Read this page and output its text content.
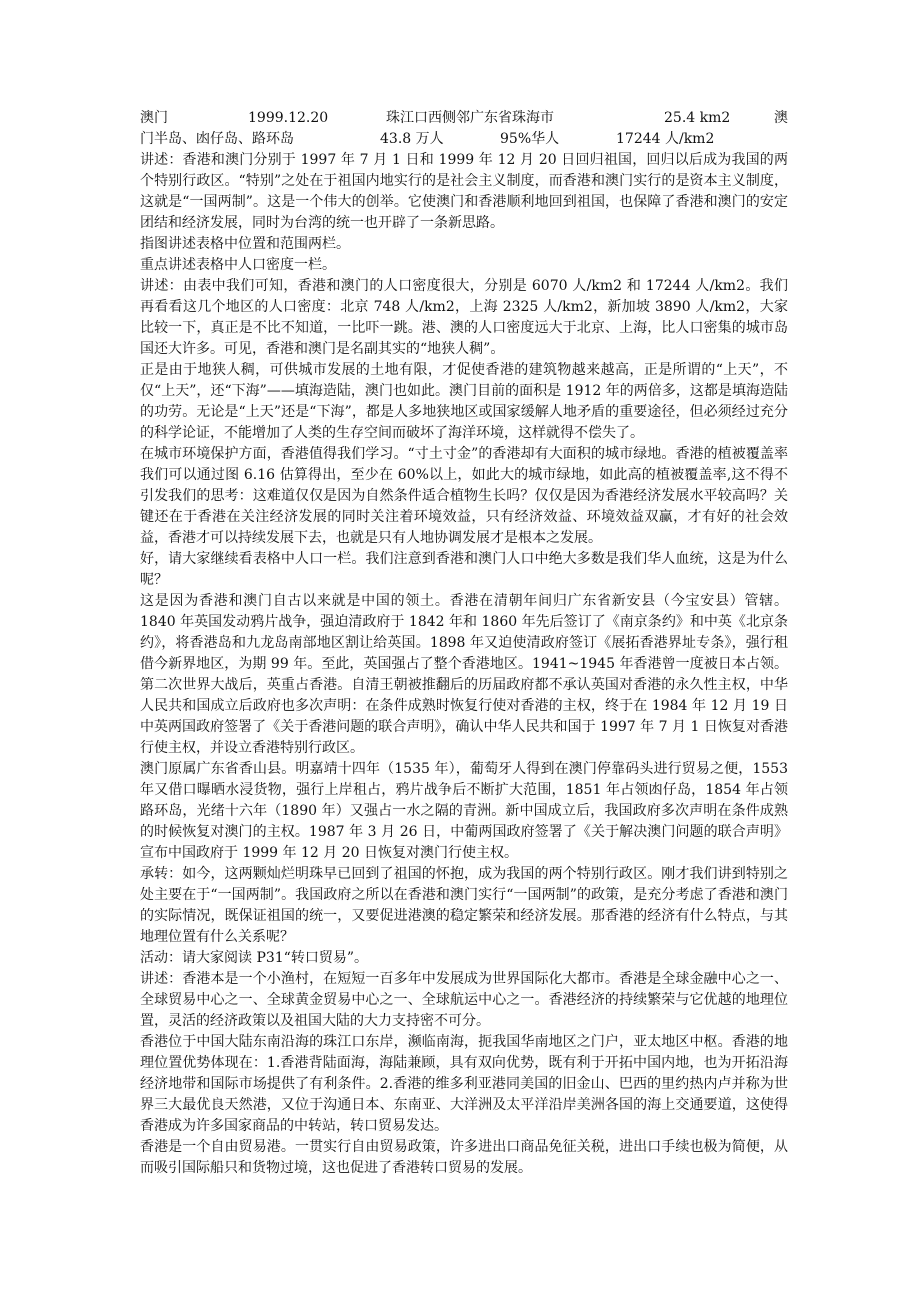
澳门	1999.12.20	珠江口西侧邻广东省珠海市	25.4 km2	澳
门半岛、凼仔岛、路环岛	43.8 万人	95%华人	17244 人/km2

讲述：香港和澳门分别于 1997 年 7 月 1 日和 1999 年 12 月 20 日回归祖国，回归以后成为我国的两个特别行政区。“特别”之处在于祖国内地实行的是社会主义制度，而香港和澳门实行的是资本主义制度，这就是“一国两制”。这是一个伟大的创举。它使澳门和香港顺利地回到祖国，也保障了香港和澳门的安定团结和经济发展，同时为台湾的统一也开辟了一条新思路。

指图讲述表格中位置和范围两栏。

重点讲述表格中人口密度一栏。

讲述：由表中我们可知，香港和澳门的人口密度很大，分别是 6070 人/km2 和 17244 人/km2。我们再看看这几个地区的人口密度：北京 748 人/km2，上海 2325 人/km2，新加坡 3890 人/km2，大家比较一下，真正是不比不知道，一比吓一跳。港、澳的人口密度远大于北京、上海，比人口密集的城市岛国还大许多。可见，香港和澳门是名副其实的“地狭人稠”。

正是由于地狭人稠，可供城市发展的土地有限，才促使香港的建筑物越来越高，正是所谓的“上天”，不仅“上天”，还“下海”——填海造陆，澳门也如此。澳门目前的面积是 1912 年的两倍多，这都是填海造陆的功劳。无论是“上天”还是“下海”，都是人多地狭地区或国家缓解人地矛盾的重要途径，但必须经过充分的科学论证，不能增加了人类的生存空间而破坏了海洋环境，这样就得不偿失了。

在城市环境保护方面，香港值得我们学习。“寸土寸金”的香港却有大面积的城市绿地。香港的植被覆盖率我们可以通过图 6.16 估算得出，至少在 60%以上，如此大的城市绿地，如此高的植被覆盖率,这不得不引发我们的思考：这难道仅仅是因为自然条件适合植物生长吗？仅仅是因为香港经济发展水平较高吗？关键还在于香港在关注经济发展的同时关注着环境效益，只有经济效益、环境效益双赢，才有好的社会效益，香港才可以持续发展下去，也就是只有人地协调发展才是根本之发展。

好，请大家继续看表格中人口一栏。我们注意到香港和澳门人口中绝大多数是我们华人血统，这是为什么呢？

这是因为香港和澳门自古以来就是中国的领土。香港在清朝年间归广东省新安县（今宝安县）管辖。1840 年英国发动鸦片战争，强迫清政府于 1842 年和 1860 年先后签订了《南京条约》和中英《北京条约》，将香港岛和九龙岛南部地区割让给英国。1898 年又迫使清政府签订《展拓香港界址专条》，强行租借今新界地区，为期 99 年。至此，英国强占了整个香港地区。1941~1945 年香港曾一度被日本占领。第二次世界大战后，英重占香港。自清王朝被推翻后的历届政府都不承认英国对香港的永久性主权，中华人民共和国成立后政府也多次声明：在条件成熟时恢复行使对香港的主权，终于在 1984 年 12 月 19 日中英两国政府签署了《关于香港问题的联合声明》，确认中华人民共和国于 1997 年 7 月 1 日恢复对香港行使主权，并设立香港特别行政区。

澳门原属广东省香山县。明嘉靖十四年（1535 年），葡萄牙人得到在澳门停靠码头进行贸易之便，1553 年又借口曝晒水浸货物，强行上岸租占，鸦片战争后不断扩大范围，1851 年占领凼仔岛，1854 年占领路环岛，光绪十六年（1890 年）又强占一水之隔的青洲。新中国成立后，我国政府多次声明在条件成熟的时候恢复对澳门的主权。1987 年 3 月 26 日，中葡两国政府签署了《关于解决澳门问题的联合声明》宣布中国政府于 1999 年 12 月 20 日恢复对澳门行使主权。

承转：如今，这两颗灿烂明珠早已回到了祖国的怀抱，成为我国的两个特别行政区。刚才我们讲到特别之处主要在于“一国两制”。我国政府之所以在香港和澳门实行“一国两制”的政策，是充分考虑了香港和澳门的实际情况，既保证祖国的统一，又要促进港澳的稳定繁荣和经济发展。那香港的经济有什么特点，与其地理位置有什么关系呢？

活动：请大家阅读 P31“转口贸易”。

讲述：香港本是一个小渔村，在短短一百多年中发展成为世界国际化大都市。香港是全球金融中心之一、全球贸易中心之一、全球黄金贸易中心之一、全球航运中心之一。香港经济的持续繁荣与它优越的地理位置，灵活的经济政策以及祖国大陆的大力支持密不可分。

香港位于中国大陆东南沿海的珠江口东岸，濒临南海，扼我国华南地区之门户，亚太地区中枢。香港的地理位置优势体现在：1.香港背陆面海，海陆兼顾，具有双向优势，既有利于开拓中国内地，也为开拓沿海经济地带和国际市场提供了有利条件。2.香港的维多利亚港同美国的旧金山、巴西的里约热内卢并称为世界三大最优良天然港，又位于沟通日本、东南亚、大洋洲及太平洋沿岸美洲各国的海上交通要道，这使得香港成为许多国家商品的中转站，转口贸易发达。

香港是一个自由贸易港。一贯实行自由贸易政策，许多进出口商品免征关税，进出口手续也极为简便，从而吸引国际船只和货物过境，这也促进了香港转口贸易的发展。
